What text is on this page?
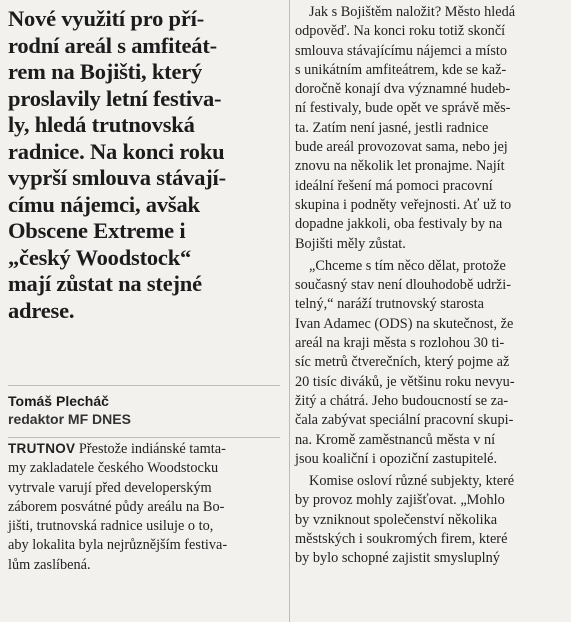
Nové využití pro pří-
rodní areál s amfiteát-
rem na Bojišti, který
proslavily letní festiva-
ly, hledá trutnovská
radnice. Na konci roku
vyprší smlouva stávají-
címu nájemci, avšak
Obscene Extreme i
„český Woodstock“
mají zůstat na stejné
adrese.
Tomáš Plecháč
redaktor MF DNES
TRUTNOV Přestože indiánské tamta-
my zakladatele českého Woodstocku
vytrvale varují před developerským
záborem posvátné půdy areálu na Bo-
jišti, trutnovská radnice usiluje o to,
aby lokalita byla nejrůznějším festiva-
lům zaslíbená.
Jak s Bojištěm naložit? Město hledá
odpověď. Na konci roku totiž skončí
smlouva stávajícímu nájemci a místo
s unikátním amfiteátrem, kde se kaž-
doročně konají dva významné hudeb-
ní festivaly, bude opět ve správě měs-
ta. Zatím není jasné, jestli radnice
bude areál provozovat sama, nebo jej
znovu na několik let pronajme. Najít
ideální řešení má pomoci pracovní
skupina i podněty veřejnosti. Ať už to
dopadne jakkoli, oba festivaly by na
Bojišti měly zůstat.
„Chceme s tím něco dělat, protože
současný stav není dlouhodobě udrži-
telný,“ naráží trutnovský starosta
Ivan Adamec (ODS) na skutečnost, že
areál na kraji města s rozlohou 30 ti-
síc metrů čtverečních, který pojme až
20 tisíc diváků, je většinu roku nevyu-
žitý a chátrá. Jeho budoucností se za-
čala zabývat speciální pracovní skupi-
na. Kromě zaměstnanců města v ní
jsou koaliční i opoziční zastupitelé.
Komise osloví různé subjekty, které
by provoz mohly zajišťovat. „Mohlo
by vzniknout společenství několika
městských i soukromých firem, které
by bylo schopné zajistit smysluplný
